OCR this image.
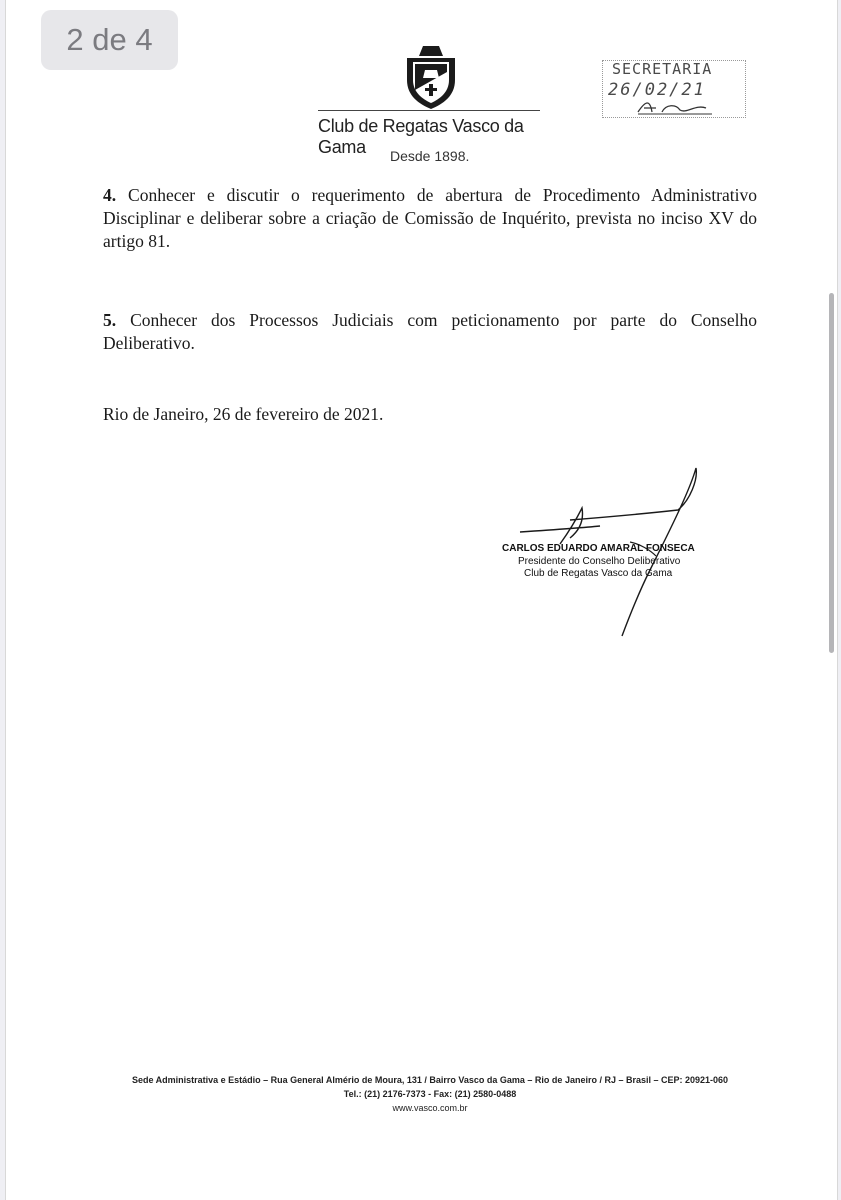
2 de 4
Club de Regatas Vasco da Gama	Desde 1898.
SECRETARIA
26/02/21
4. Conhecer e discutir o requerimento de abertura de Procedimento Administrativo Disciplinar e deliberar sobre a criação de Comissão de Inquérito, prevista no inciso XV do artigo 81.
5. Conhecer dos Processos Judiciais com peticionamento por parte do Conselho Deliberativo.
Rio de Janeiro, 26 de fevereiro de 2021.
CARLOS EDUARDO AMARAL FONSECA
Presidente do Conselho Deliberativo
Club de Regatas Vasco da Gama
Sede Administrativa e Estádio – Rua General Almério de Moura, 131 / Bairro Vasco da Gama – Rio de Janeiro / RJ – Brasil – CEP: 20921-060
Tel.: (21) 2176-7373 - Fax: (21) 2580-0488
www.vasco.com.br
